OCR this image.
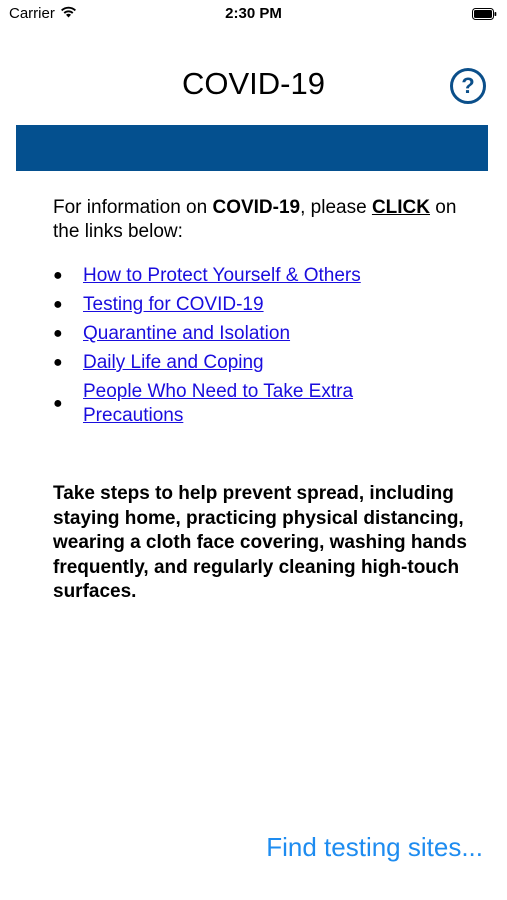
Carrier	2:30 PM
COVID-19	?

For information on COVID-19, please CLICK on the links below:

●	How to Protect Yourself & Others
●	Testing for COVID-19
●	Quarantine and Isolation
●	Daily Life and Coping
●
People Who Need to Take Extra Precautions

Take steps to help prevent spread, including staying home, practicing physical distancing, wearing a cloth face covering, washing hands frequently, and regularly cleaning high-touch surfaces.

Find testing sites...
